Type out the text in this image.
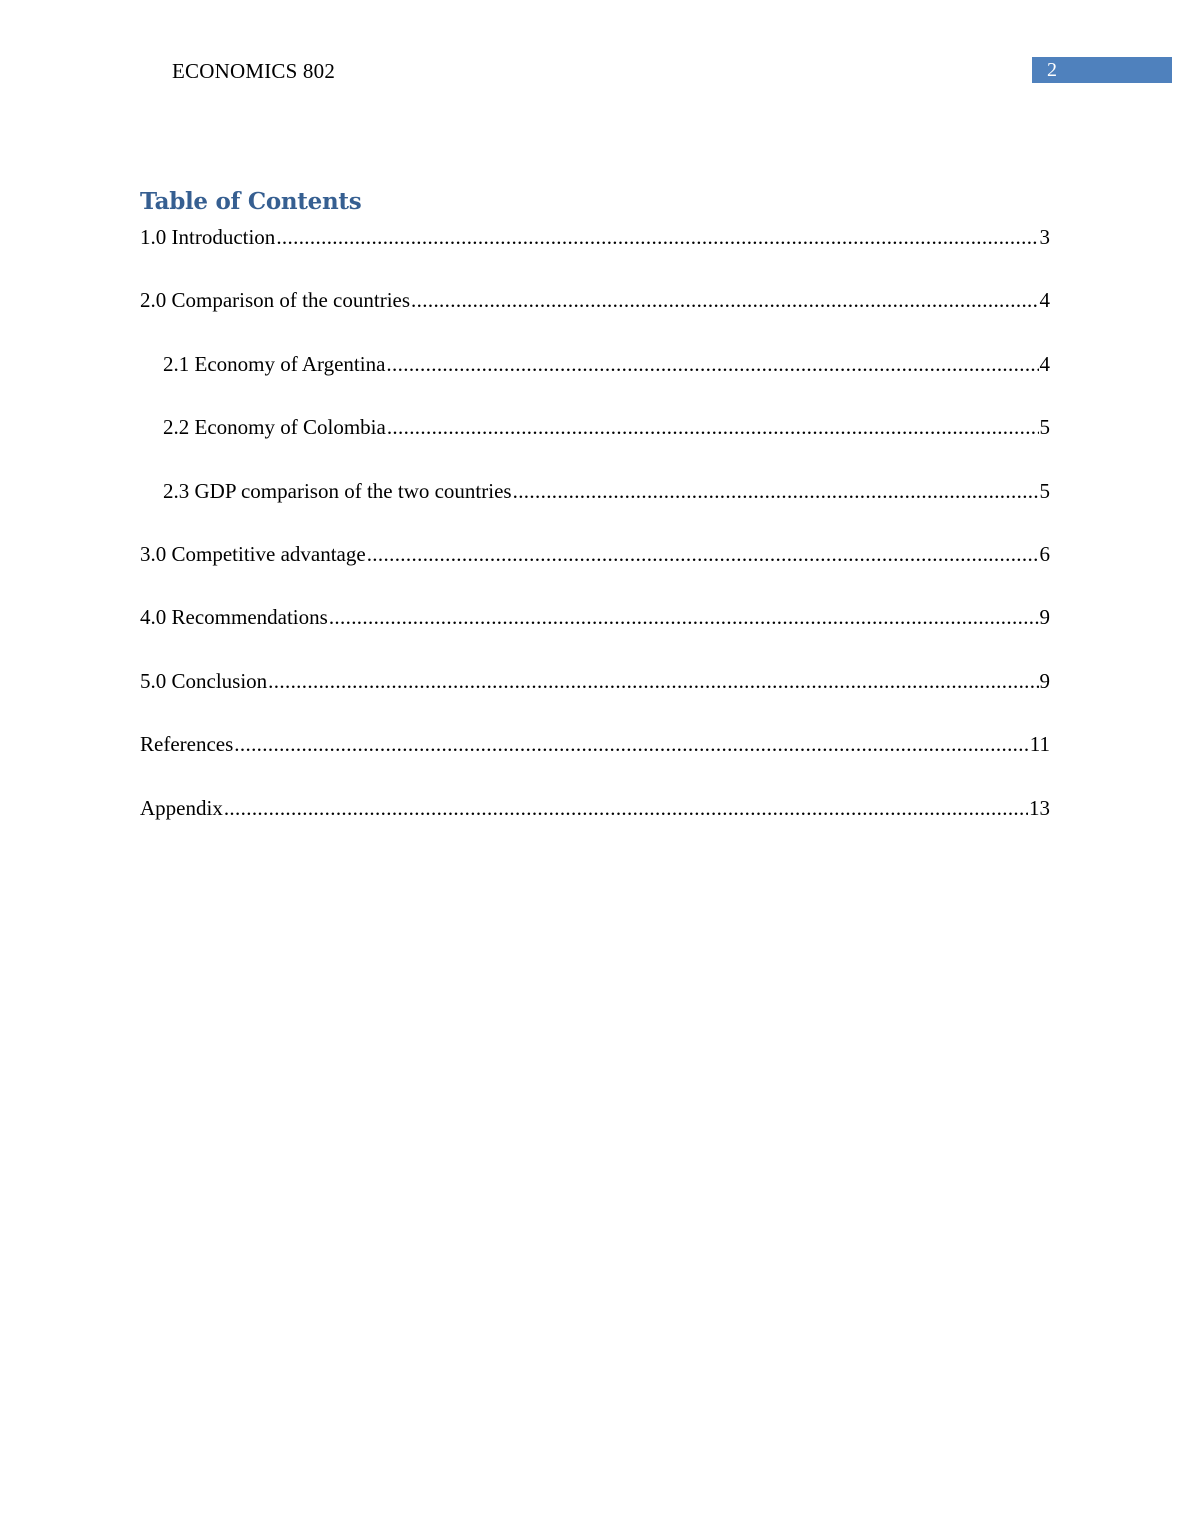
ECONOMICS 802	2
Table of Contents
1.0 Introduction .....	3
2.0 Comparison of the countries .....	4
2.1 Economy of Argentina .....	4
2.2 Economy of Colombia .....	5
2.3 GDP comparison of the two countries .....	5
3.0 Competitive advantage .....	6
4.0 Recommendations .....	9
5.0 Conclusion .....	9
References .....	11
Appendix .....	13
